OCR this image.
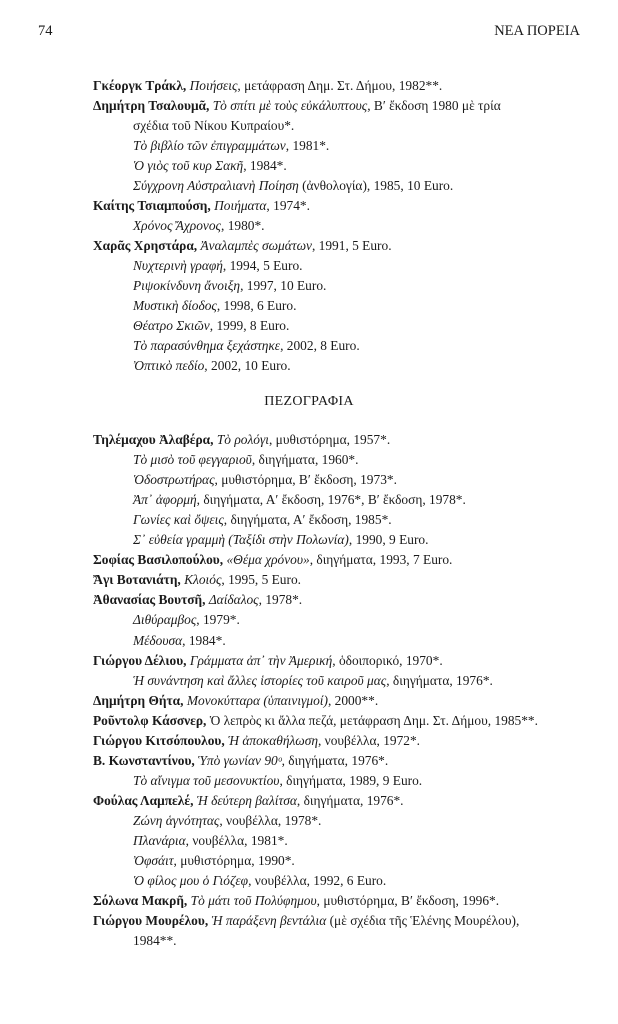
74	ΝΕΑ ΠΟΡΕΙΑ
Γκέοργκ Τράκλ, Ποιήσεις, μετάφραση Δημ. Στ. Δήμου, 1982**.
Δημήτρη Τσαλουμᾶ, Τὸ σπίτι μὲ τοὺς εὐκάλυπτους, Β′ ἔκδοση 1980 μὲ τρία
σχέδια τοῦ Νίκου Κυπραίου*.
Τὸ βιβλίο τῶν ἐπιγραμμάτων, 1981*.
Ὁ γιὸς τοῦ κυρ Σακῆ, 1984*.
Σύγχρονη Αὐστραλιανὴ Ποίηση (ἀνθολογία), 1985, 10 Euro.
Καίτης Τσιαμπούση, Ποιήματα, 1974*.
Χρόνος Ἄχρονος, 1980*.
Χαρᾶς Χρηστάρα, Ἀναλαμπὲς σωμάτων, 1991, 5 Euro.
Νυχτερινὴ γραφή, 1994, 5 Euro.
Ριψοκίνδυνη ἄνοιξη, 1997, 10 Euro.
Μυστικὴ δίοδος, 1998, 6 Euro.
Θέατρο Σκιῶν, 1999, 8 Euro.
Τὸ παρασύνθημα ξεχάστηκε, 2002, 8 Euro.
Ὀπτικὸ πεδίο, 2002, 10 Euro.
ΠΕΖΟΓΡΑΦΙΑ
Τηλέμαχου Ἀλαβέρα, Τὸ ρολόγι, μυθιστόρημα, 1957*.
Τὸ μισὸ τοῦ φεγγαριοῦ, διηγήματα, 1960*.
Ὁδοστρωτήρας, μυθιστόρημα, Β′ ἔκδοση, 1973*.
Ἀπ᾿ ἀφορμή, διηγήματα, Α′ ἔκδοση, 1976*, Β′ ἔκδοση, 1978*.
Γωνίες καὶ ὄψεις, διηγήματα, Α′ ἔκδοση, 1985*.
Σ᾿ εὐθεία γραμμὴ (Ταξίδι στὴν Πολωνία), 1990, 9 Euro.
Σοφίας Βασιλοπούλου, «Θέμα χρόνου», διηγήματα, 1993, 7 Euro.
Ἄγι Βοτανιάτη, Κλοιός, 1995, 5 Euro.
Ἀθανασίας Βουτσῆ, Δαίδαλος, 1978*.
Διθύραμβος, 1979*.
Μέδουσα, 1984*.
Γιώργου Δέλιου, Γράμματα ἀπ᾿ τὴν Ἀμερική, ὁδοιπορικό, 1970*.
Ἡ συνάντηση καὶ ἄλλες ἱστορίες τοῦ καιροῦ μας, διηγήματα, 1976*.
Δημήτρη Θήτα, Μονοκύτταρα (ὑπαινιγμοί), 2000**.
Ροῦντολφ Κάσσνερ, Ὁ λεπρὸς κι ἄλλα πεζά, μετάφραση Δημ. Στ. Δήμου, 1985**.
Γιώργου Κιτσόπουλου, Ἡ ἀποκαθήλωση, νουβέλλα, 1972*.
Β. Κωνσταντίνου, Ὑπὸ γωνίαν 90ᵒ, διηγήματα, 1976*.
Τὸ αἴνιγμα τοῦ μεσονυκτίου, διηγήματα, 1989, 9 Euro.
Φούλας Λαμπελέ, Ἡ δεύτερη βαλίτσα, διηγήματα, 1976*.
Ζώνη ἁγνότητας, νουβέλλα, 1978*.
Πλανάρια, νουβέλλα, 1981*.
Ὀφσάιτ, μυθιστόρημα, 1990*.
Ὁ φίλος μου ὁ Γιόζεφ, νουβέλλα, 1992, 6 Euro.
Σόλωνα Μακρῆ, Τὸ μάτι τοῦ Πολύφημου, μυθιστόρημα, Β′ ἔκδοση, 1996*.
Γιώργου Μουρέλου, Ἡ παράξενη βεντάλια (μὲ σχέδια τῆς Ἑλένης Μουρέλου),
1984**.
